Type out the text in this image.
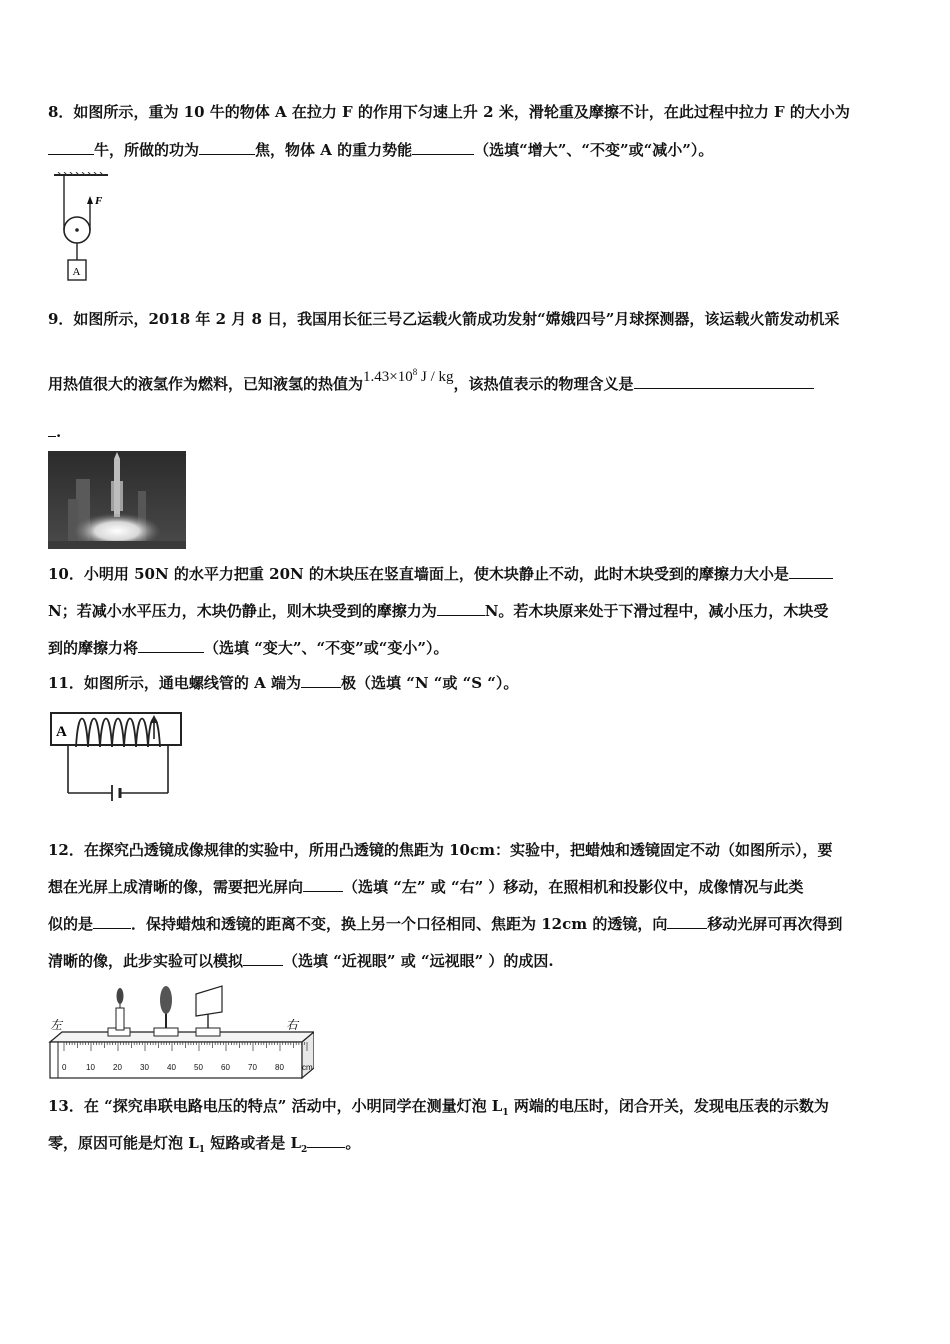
8．如图所示，重为 10 牛的物体 A 在拉力 F 的作用下匀速上升 2 米，滑轮重及摩擦不计，在此过程中拉力 F 的大小为
牛，所做的功为	焦，物体 A 的重力势能	（选填“增大”、“不变”或“减小”）。
F
A
9．如图所示，2018 年 2 月 8 日，我国用长征三号乙运载火箭成功发射“嫦娥四号”月球探测器，该运载火箭发动机采
用热值很大的液氢作为燃料，已知液氢的热值为$1.43\times 10^8$ J / kg，该热值表示的物理含义是
.
10．小明用 50N 的水平力把重 20N 的木块压在竖直墙面上，使木块静止不动，此时木块受到的摩擦力大小是
N；若减小水平压力，木块仍静止，则木块受到的摩擦力为	N。若木块原来处于下滑过程中，减小压力，木块受
到的摩擦力将	（选填 “变大”、“不变”或“变小”）。
11．如图所示，通电螺线管的 A 端为	极（选填 “N “或 “S “）。
A
12．在探究凸透镜成像规律的实验中，所用凸透镜的焦距为 10cm：实验中，把蜡烛和透镜固定不动（如图所示），要
想在光屏上成清晰的像，需要把光屏向	（选填 “左” 或 “右” ）移动，在照相机和投影仪中，成像情况与此类
似的是	．保持蜡烛和透镜的距离不变，换上另一个口径相同、焦距为 12cm 的透镜，向	移动光屏可再次得到
清晰的像，此步实验可以模拟	（选填 “近视眼” 或 “远视眼” ）的成因.
左	右
0 10 20 30 40 50 60 70 80 cm
13．在 “探究串联电路电压的特点” 活动中，小明同学在测量灯泡 $L_1$ 两端的电压时，闭合开关，发现电压表的示数为
零，原因可能是灯泡 $L_1$ 短路或者是 $L_2$	。
